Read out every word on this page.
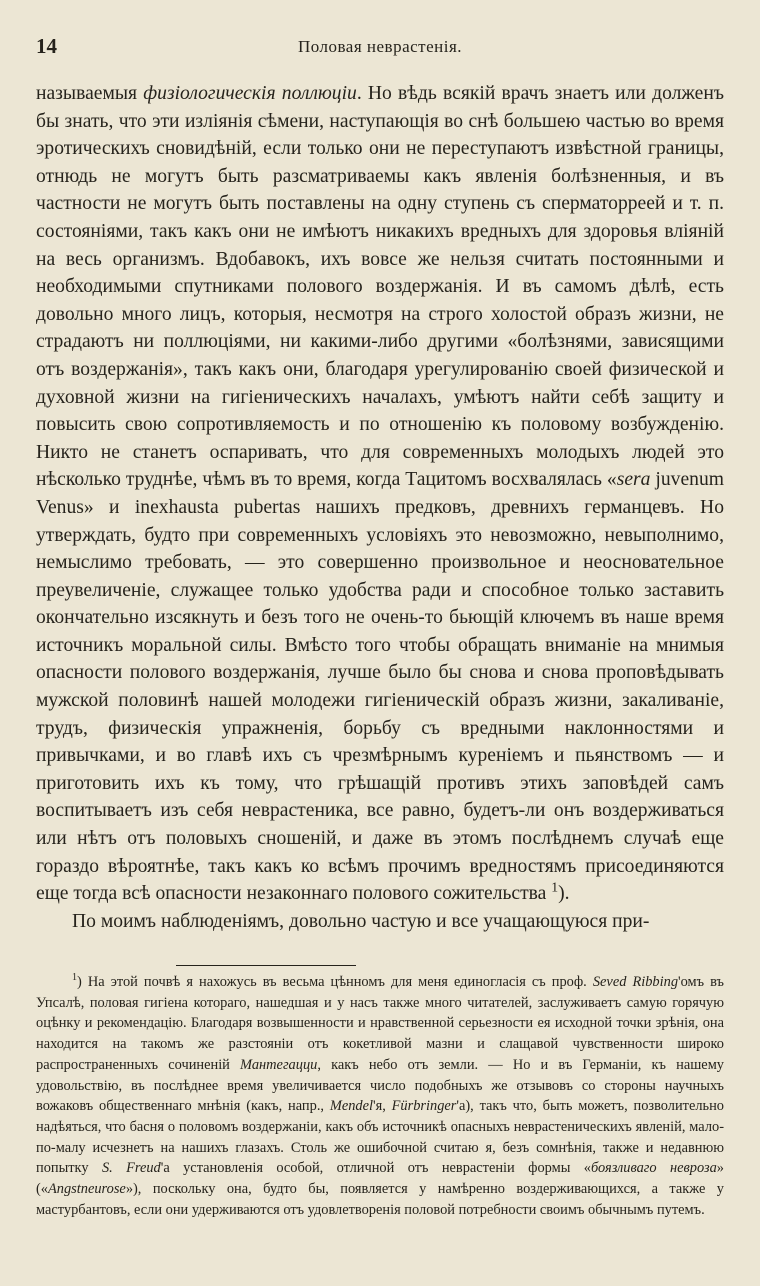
14	Половая неврастенія.

называемыя физiологическiя поллюцiи. Но вѣдь всякій врачъ знаетъ или долженъ бы знать, что эти изліянія сѣмени, наступающія во снѣ большею частью во время эротическихъ сновидѣній, если только они не переступаютъ извѣстной границы, отнюдь не могутъ быть разсматриваемы какъ явленія болѣзненныя, и въ частности не могутъ быть поставлены на одну ступень съ сперматорреей и т. п. состояніями, такъ какъ они не имѣютъ никакихъ вредныхъ для здоровья вліяній на весь организмъ. Вдобавокъ, ихъ вовсе же нельзя считать постоянными и необходимыми спутниками полового воздержанія. И въ самомъ дѣлѣ, есть довольно много лицъ, которыя, несмотря на строго холостой образъ жизни, не страдаютъ ни поллюціями, ни какими-либо другими «болѣзнями, зависящими отъ воздержанія», такъ какъ они, благодаря урегулированію своей физической и духовной жизни на гигіеническихъ началахъ, умѣютъ найти себѣ защиту и повысить свою сопротивляемость и по отношенію къ половому возбужденію. Никто не станетъ оспаривать, что для современныхъ молодыхъ людей это нѣсколько труднѣе, чѣмъ въ то время, когда Тацитомъ восхвалялась «sera juvenum Venus» и inexhausta pubertas нашихъ предковъ, древнихъ германцевъ. Но утверждать, будто при современныхъ условіяхъ это невозможно, невыполнимо, немыслимо требовать, — это совершенно произвольное и неосновательное преувеличеніе, служащее только удобства ради и способное только заставить окончательно изсякнуть и безъ того не очень-то бьющій ключемъ въ наше время источникъ моральной силы. Вмѣсто того чтобы обращать вниманіе на мнимыя опасности полового воздержанія, лучше было бы снова и снова проповѣдывать мужской половинѣ нашей молодежи гигіеническій образъ жизни, закаливаніе, трудъ, физическія упражненія, борьбу съ вредными наклонностями и привычками, и во главѣ ихъ съ чрезмѣрнымъ куреніемъ и пьянствомъ — и приготовить ихъ къ тому, что грѣшащій противъ этихъ заповѣдей самъ воспитываетъ изъ себя неврастеника, все равно, будетъ-ли онъ воздерживаться или нѣтъ отъ половыхъ сношеній, и даже въ этомъ послѣднемъ случаѣ еще гораздо вѣроятнѣе, такъ какъ ко всѣмъ прочимъ вредностямъ присоединяются еще тогда всѣ опасности незаконнаго полового сожительства $^1$).

По моимъ наблюденіямъ, довольно частую и все учащающуюся при-

$^1$) На этой почвѣ я нахожусь въ весьма цѣнномъ для меня единогласія съ проф. Seved Ribbing'омъ въ Упсалѣ, половая гигіена котораго, нашедшая и у насъ также много читателей, заслуживаетъ самую горячую оцѣнку и рекомендацію. Благодаря возвышенности и нравственной серьезности ея исходной точки зрѣнія, она находится на такомъ же разстояніи отъ кокетливой мазни и слащавой чувственности широко распространенныхъ сочиненій Мантегацци, какъ небо отъ земли. — Но и въ Германіи, къ нашему удовольствію, въ послѣднее время увеличивается число подобныхъ же отзывовъ со стороны научныхъ вожаковъ общественнаго мнѣнія (какъ, напр., Mendel'я, Fürbringer'а), такъ что, быть можетъ, позволительно надѣяться, что басня о половомъ воздержаніи, какъ объ источникѣ опасныхъ неврастеническихъ явленій, мало-по-малу исчезнетъ на нашихъ глазахъ. Столь же ошибочной считаю я, безъ сомнѣнія, также и недавнюю попытку S. Freud'а установленія особой, отличной отъ неврастеніи формы «боязливаго невроза» («Angstneurose»), поскольку она, будто бы, появляется у намѣренно воздерживающихся, а также у мастурбантовъ, если они удерживаются отъ удовлетворенія половой потребности своимъ обычнымъ путемъ.
